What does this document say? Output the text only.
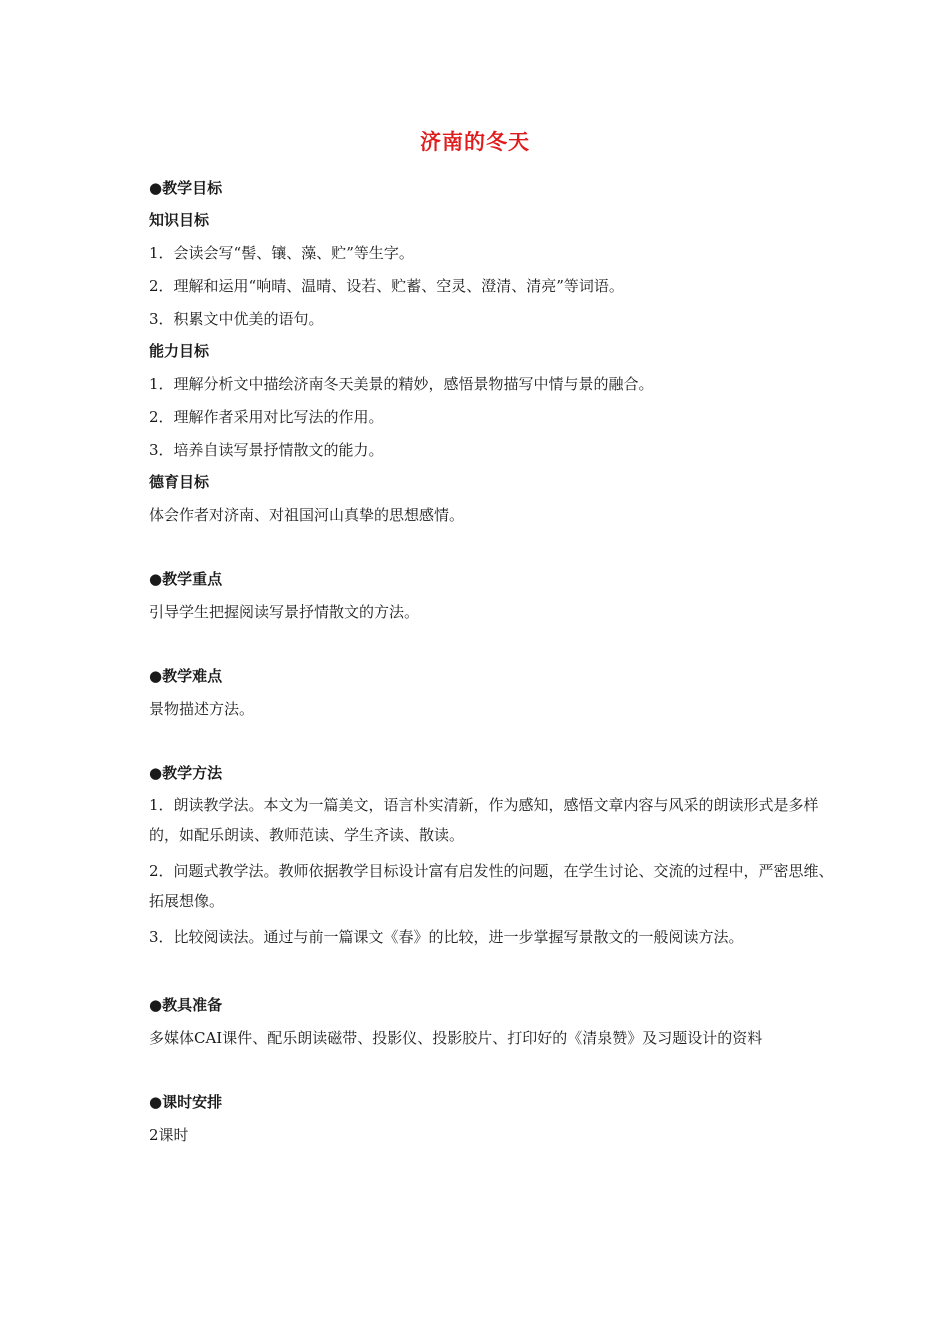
济南的冬天
●教学目标
知识目标
1．会读会写“髻、镶、藻、贮”等生字。
2．理解和运用“响晴、温晴、设若、贮蓄、空灵、澄清、清亮”等词语。
3．积累文中优美的语句。
能力目标
1．理解分析文中描绘济南冬天美景的精妙，感悟景物描写中情与景的融合。
2．理解作者采用对比写法的作用。
3．培养自读写景抒情散文的能力。
德育目标
体会作者对济南、对祖国河山真挚的思想感情。
●教学重点
引导学生把握阅读写景抒情散文的方法。
●教学难点
景物描述方法。
●教学方法
1．朗读教学法。本文为一篇美文，语言朴实清新，作为感知，感悟文章内容与风采的朗读形式是多样的，如配乐朗读、教师范读、学生齐读、散读。
2．问题式教学法。教师依据教学目标设计富有启发性的问题，在学生讨论、交流的过程中，严密思维、拓展想像。
3．比较阅读法。通过与前一篇课文《春》的比较，进一步掌握写景散文的一般阅读方法。
●教具准备
多媒体CAI课件、配乐朗读磁带、投影仪、投影胶片、打印好的《清泉赞》及习题设计的资料
●课时安排
2课时
